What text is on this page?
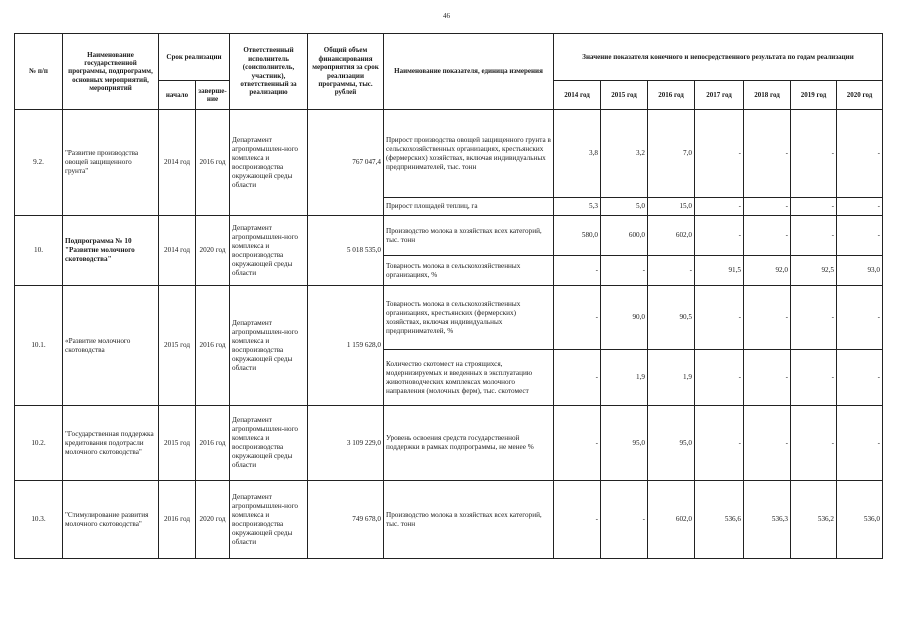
46
№ п/п	Наименование государственной программы, подпрограмм, основных мероприятий, мероприятий	Срок реализации		Ответственный исполнитель (соисполнитель, участник), ответственный за реализацию	Общий объем финансирования мероприятия за срок реализации программы, тыс. рублей	Наименование показателя, единица измерения	Значение показателя конечного и непосредственного результата по годам реализации						
		начало	заверше-ние				2014 год	2015 год	2016 год	2017 год	2018 год	2019 год	2020 год
9.2.	"Развитие производства овощей защищенного грунта"	2014 год	2016 год	Департамент агропромышлен-ного комплекса и воспроизводства окружающей среды области	767 047,4	Прирост производства овощей защищенного грунта в сельскохозяйственных организациях, крестьянских (фермерских) хозяйствах, включая индивидуальных предпринимателей, тыс. тонн	3,8	3,2	7,0	-	-	-	-
						Прирост площадей теплиц, га	5,3	5,0	15,0	-	-	-	-
10.	Подпрограмма № 10 "Развитие молочного скотоводства"	2014 год	2020 год	Департамент агропромышлен-ного комплекса и воспроизводства окружающей среды области	5 018 535,0	Производство молока в хозяйствах всех категорий, тыс. тонн	580,0	600,0	602,0	-	-	-	-
						Товарность молока в сельскохозяйственных организациях, %	-	-	-	91,5	92,0	92,5	93,0
10.1.	«Развитие молочного скотоводства	2015 год	2016 год	Департамент агропромышлен-ного комплекса и воспроизводства окружающей среды области	1 159 628,0	Товарность молока в сельскохозяйственных организациях, крестьянских (фермерских) хозяйствах, включая индивидуальных предпринимателей, %	-	90,0	90,5	-	-	-	-
						Количество скотомест на строящихся, модернизируемых и введенных в эксплуатацию животноводческих комплексах молочного направления (молочных ферм), тыс. скотомест	-	1,9	1,9	-	-	-	-
10.2.	"Государственная поддержка кредитования подотрасли молочного скотоводства"	2015 год	2016 год	Департамент агропромышлен-ного комплекса и воспроизводства окружающей среды области	3 109 229,0	Уровень освоения средств государственной поддержки в рамках подпрограммы, не менее %	-	95,0	95,0	-	-	-	-
10.3.	"Стимулирование развития молочного скотоводства"	2016 год	2020 год	Департамент агропромышлен-ного комплекса и воспроизводства окружающей среды области	749 678,0	Производство молока в хозяйствах всех категорий, тыс. тонн	-	-	602,0	536,6	536,3	536,2	536,0
